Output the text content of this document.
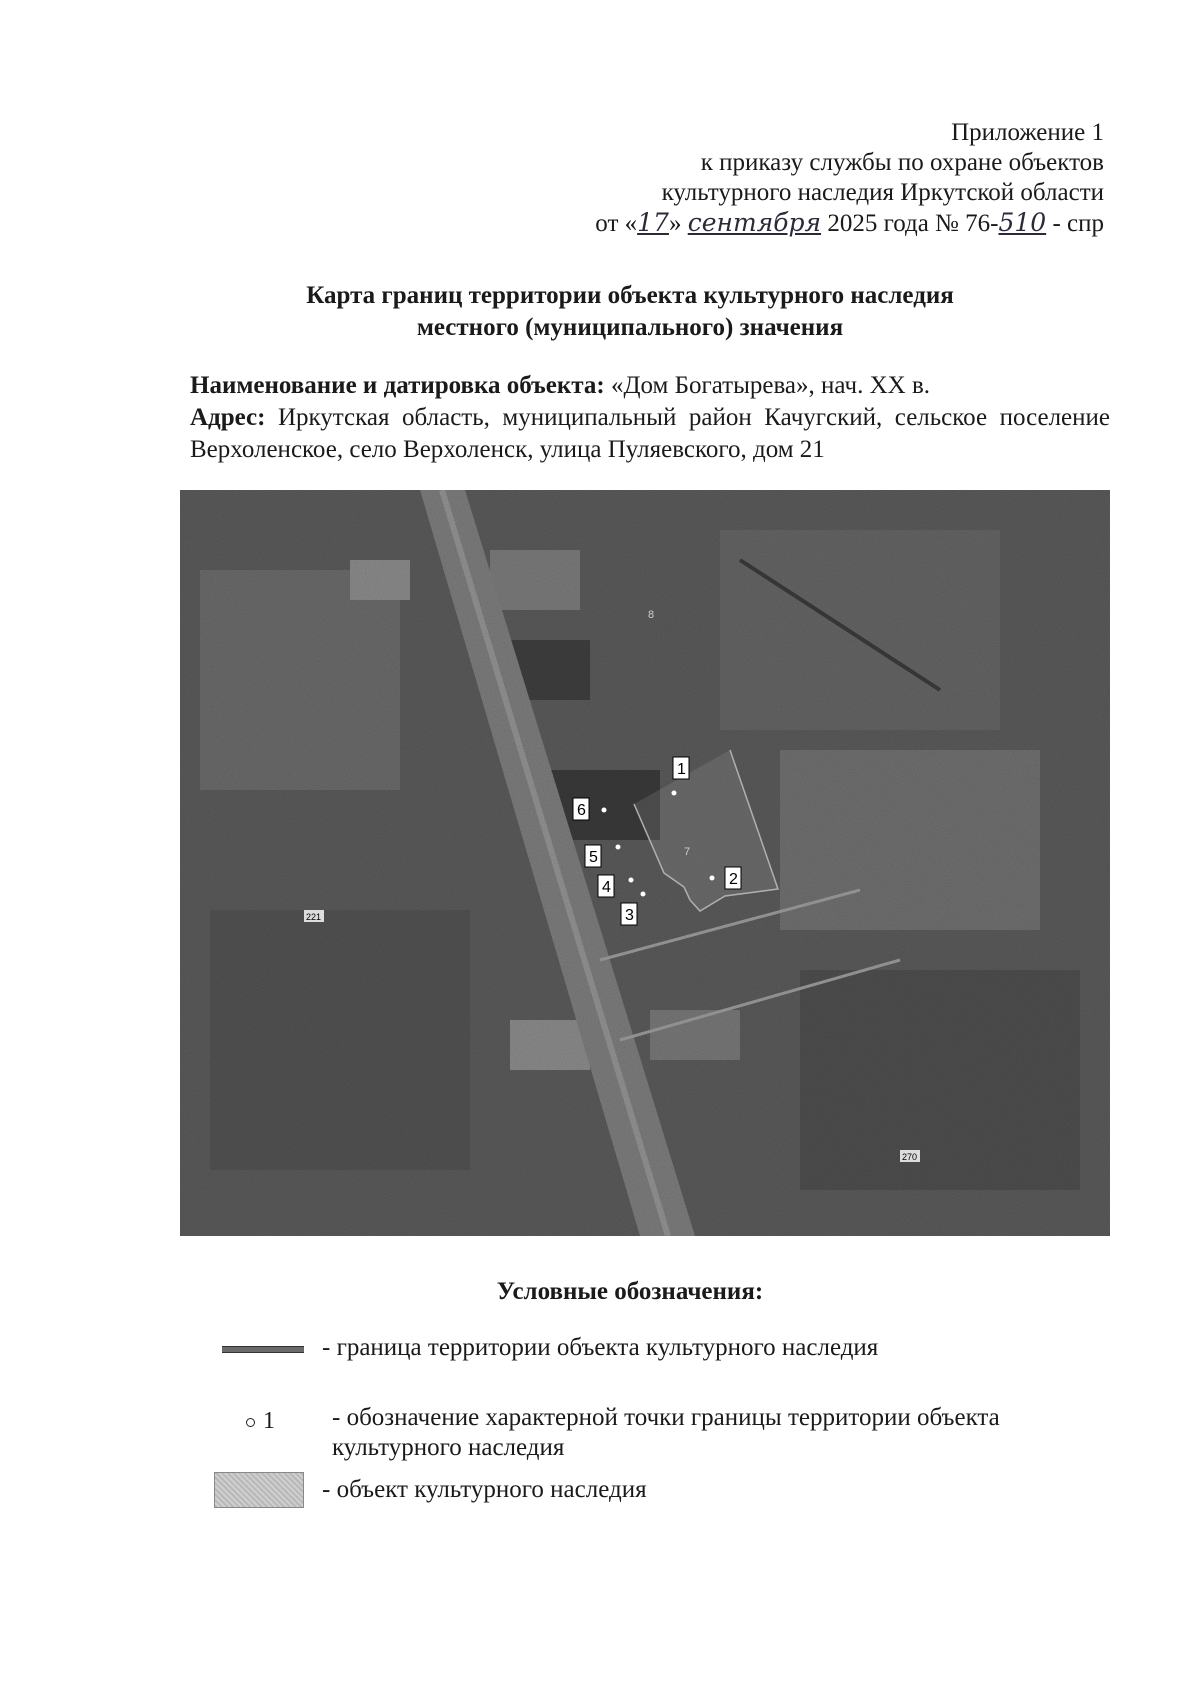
Приложение 1
к приказу службы по охране объектов
культурного наследия Иркутской области
от «17» сентября 2025 года № 76-510 - спр
Карта границ территории объекта культурного наследия
местного (муниципального) значения
Наименование и датировка объекта: «Дом Богатырева», нач. XX в.
Адрес: Иркутская область, муниципальный район Качугский, сельское поселение Верхоленское, село Верхоленск, улица Пуляевского, дом 21
1
2
3
4
5
6
7
8
221
270
Условные обозначения:
- граница территории объекта культурного наследия
1 - обозначение характерной точки границы территории объекта
культурного наследия
- объект культурного наследия
